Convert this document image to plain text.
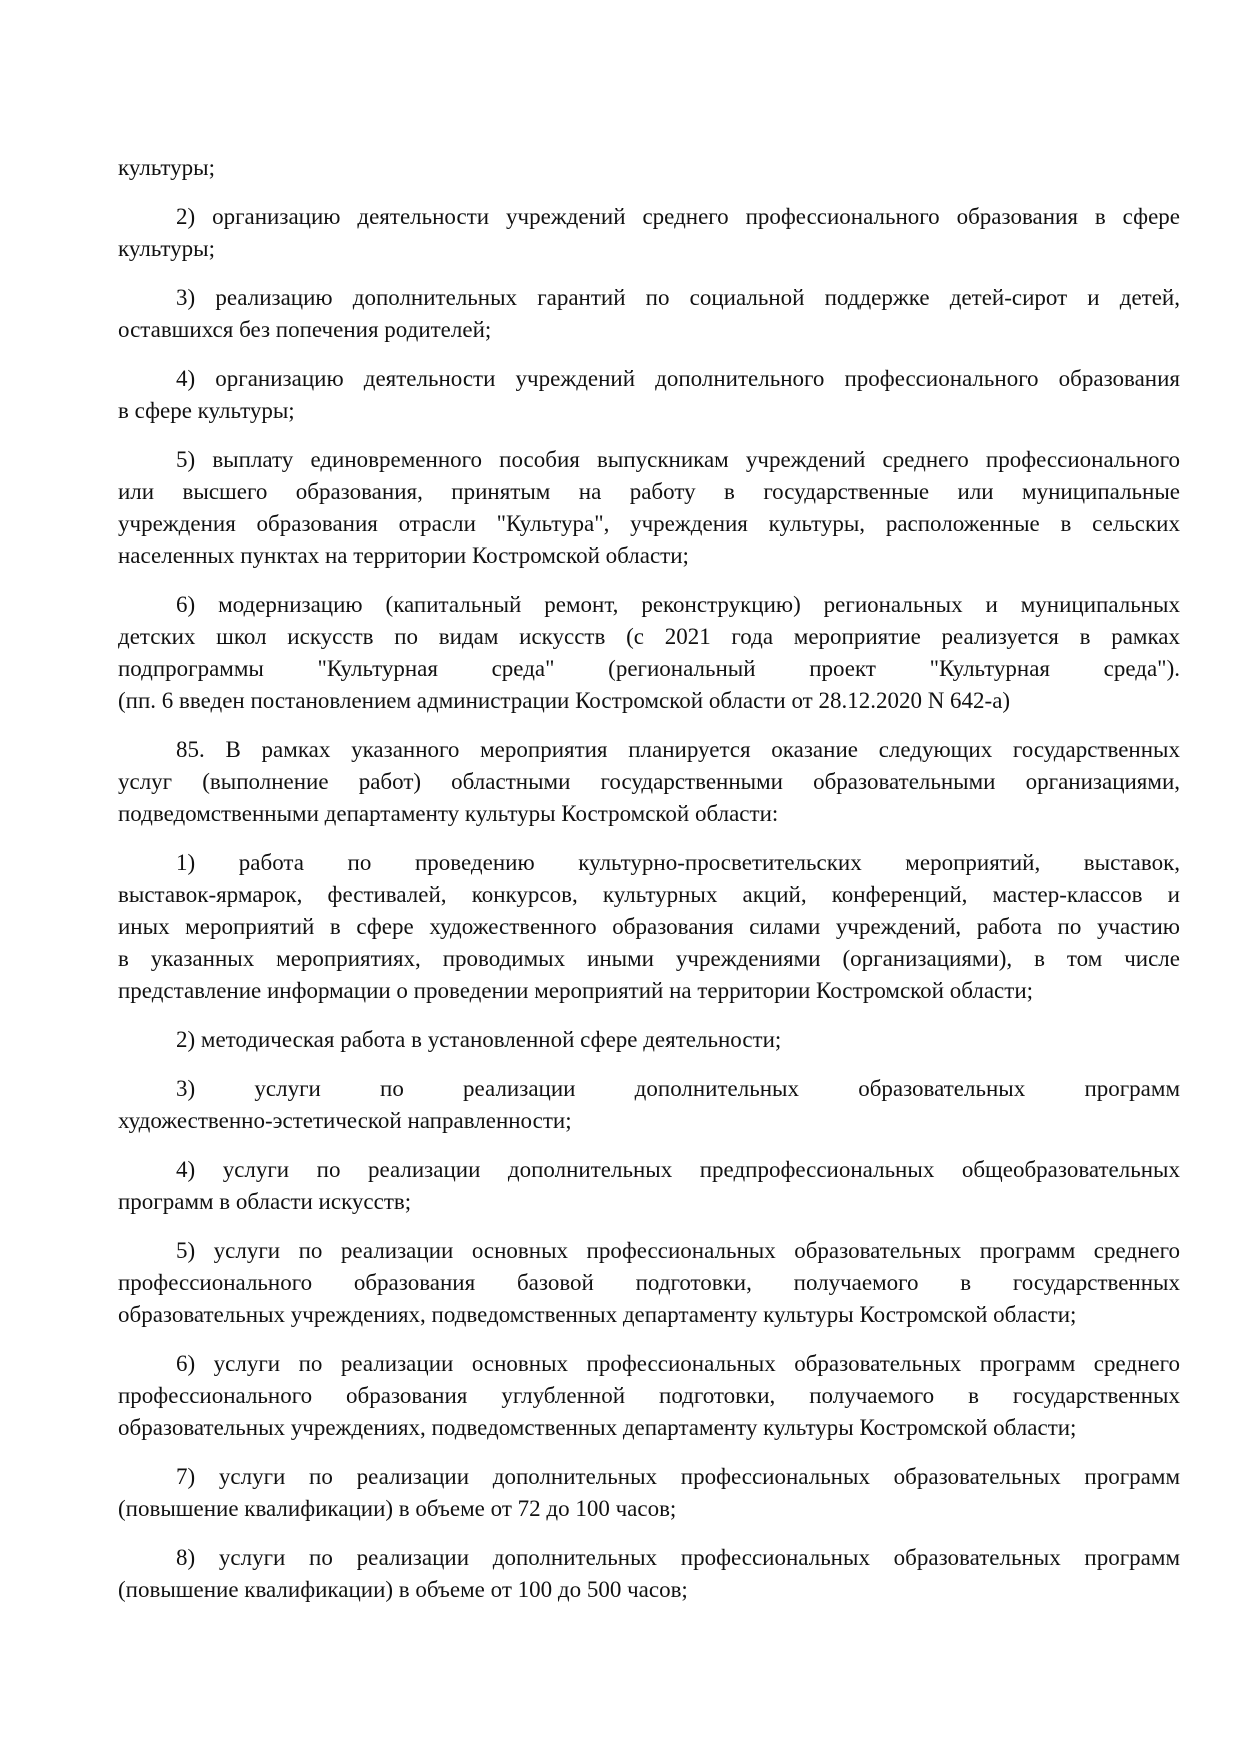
культуры;
2) организацию деятельности учреждений среднего профессионального образования в сфере
культуры;
3) реализацию дополнительных гарантий по социальной поддержке детей-сирот и детей,
оставшихся без попечения родителей;
4) организацию деятельности учреждений дополнительного профессионального образования
в сфере культуры;
5) выплату единовременного пособия выпускникам учреждений среднего профессионального
или высшего образования, принятым на работу в государственные или муниципальные
учреждения образования отрасли "Культура", учреждения культуры, расположенные в сельских
населенных пунктах на территории Костромской области;
6) модернизацию (капитальный ремонт, реконструкцию) региональных и муниципальных
детских школ искусств по видам искусств (с 2021 года мероприятие реализуется в рамках
подпрограммы "Культурная среда" (региональный проект "Культурная среда").
(пп. 6 введен постановлением администрации Костромской области от 28.12.2020 N 642-а)
85. В рамках указанного мероприятия планируется оказание следующих государственных
услуг (выполнение работ) областными государственными образовательными организациями,
подведомственными департаменту культуры Костромской области:
1) работа по проведению культурно-просветительских мероприятий, выставок,
выставок-ярмарок, фестивалей, конкурсов, культурных акций, конференций, мастер-классов и
иных мероприятий в сфере художественного образования силами учреждений, работа по участию
в указанных мероприятиях, проводимых иными учреждениями (организациями), в том числе
представление информации о проведении мероприятий на территории Костромской области;
2) методическая работа в установленной сфере деятельности;
3) услуги по реализации дополнительных образовательных программ
художественно-эстетической направленности;
4) услуги по реализации дополнительных предпрофессиональных общеобразовательных
программ в области искусств;
5) услуги по реализации основных профессиональных образовательных программ среднего
профессионального образования базовой подготовки, получаемого в государственных
образовательных учреждениях, подведомственных департаменту культуры Костромской области;
6) услуги по реализации основных профессиональных образовательных программ среднего
профессионального образования углубленной подготовки, получаемого в государственных
образовательных учреждениях, подведомственных департаменту культуры Костромской области;
7) услуги по реализации дополнительных профессиональных образовательных программ
(повышение квалификации) в объеме от 72 до 100 часов;
8) услуги по реализации дополнительных профессиональных образовательных программ
(повышение квалификации) в объеме от 100 до 500 часов;
